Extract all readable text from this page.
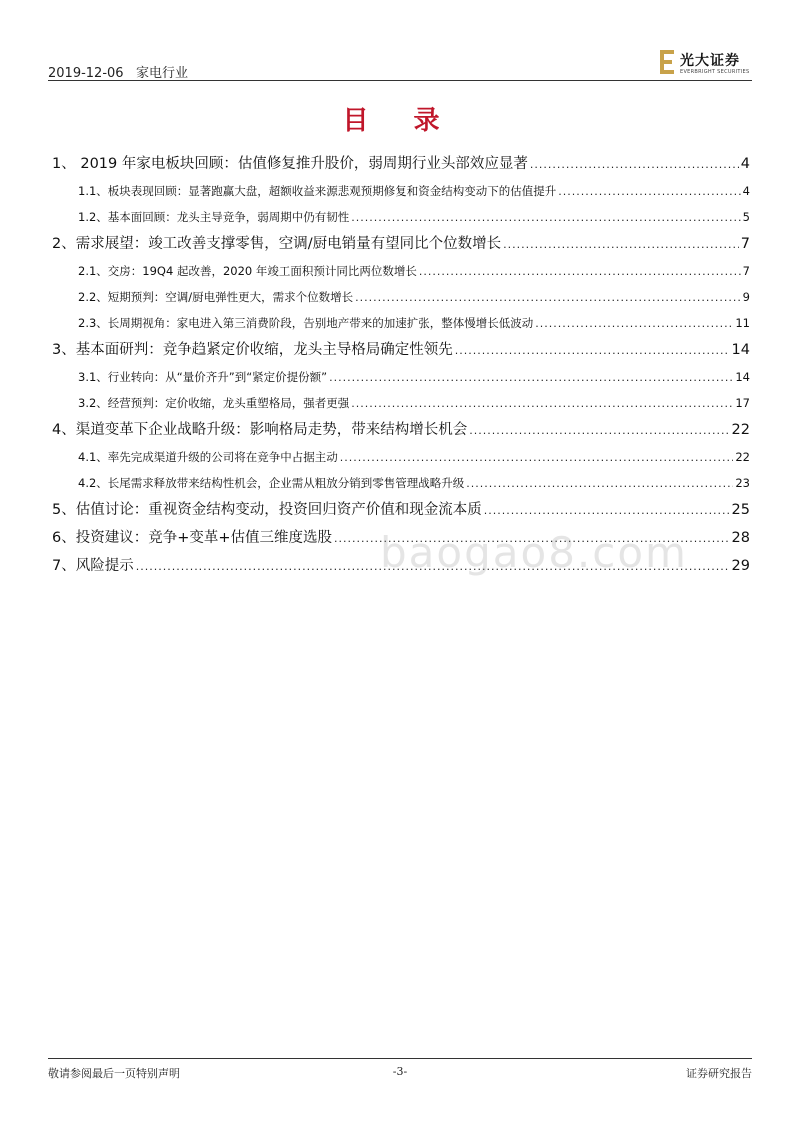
2019-12-06 家电行业
光大证券
EVERBRIGHT SECURITIES
目 录
1、 2019 年家电板块回顾：估值修复推升股价，弱周期行业头部效应显著 .....	4
1.1、板块表现回顾：显著跑赢大盘，超额收益来源悲观预期修复和资金结构变动下的估值提升 .....	4
1.2、基本面回顾：龙头主导竞争，弱周期中仍有韧性 .....	5
2、需求展望：竣工改善支撑零售，空调/厨电销量有望同比个位数增长 .....	7
2.1、交房：19Q4 起改善，2020 年竣工面积预计同比两位数增长 .....	7
2.2、短期预判：空调/厨电弹性更大，需求个位数增长 .....	9
2.3、长周期视角：家电进入第三消费阶段，告别地产带来的加速扩张，整体慢增长低波动 .....	11
3、基本面研判：竞争趋紧定价收缩，龙头主导格局确定性领先 .....	14
3.1、行业转向：从“量价齐升”到“紧定价提份额” .....	14
3.2、经营预判：定价收缩，龙头重塑格局，强者更强 .....	17
4、渠道变革下企业战略升级：影响格局走势，带来结构增长机会 .....	22
4.1、率先完成渠道升级的公司将在竞争中占据主动 .....	22
4.2、长尾需求释放带来结构性机会，企业需从粗放分销到零售管理战略升级 .....	23
5、估值讨论：重视资金结构变动，投资回归资产价值和现金流本质 .....	25
6、投资建议：竞争+变革+估值三维度选股 .....	28
7、风险提示 .....	29
baogao8.com
敬请参阅最后一页特别声明	-3-	证券研究报告
